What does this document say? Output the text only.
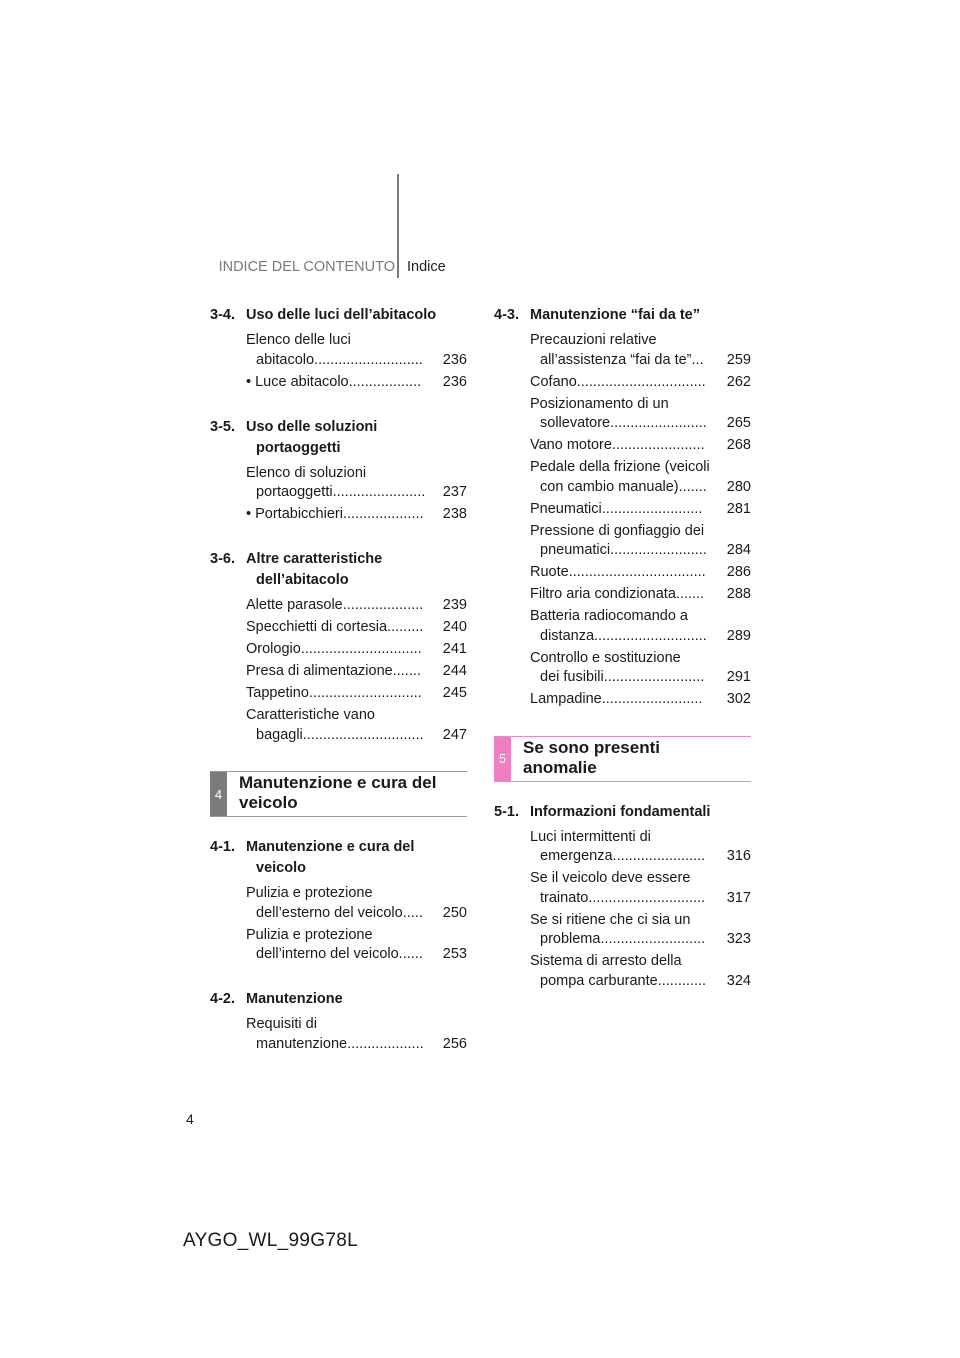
INDICE DEL CONTENUTO Indice
3-4. Uso delle luci dell’abitacolo
Elenco delle luci
abitacolo ...........................	236
• Luce abitacolo ..................	236
3-5. Uso delle soluzioni
portaoggetti
Elenco di soluzioni
portaoggetti .......................	237
• Portabicchieri ....................	238
3-6. Altre caratteristiche
dell’abitacolo
Alette parasole ....................	239
Specchietti di cortesia .........	240
Orologio ..............................	241
Presa di alimentazione .......	244
Tappetino ............................	245
Caratteristiche vano
bagagli ..............................	247
4
Manutenzione e cura del
veicolo
4-1. Manutenzione e cura del
veicolo
Pulizia e protezione
dell’esterno del veicolo .....	250
Pulizia e protezione
dell’interno del veicolo ......	253
4-2. Manutenzione
Requisiti di
manutenzione ...................	256
4-3. Manutenzione “fai da te”
Precauzioni relative
all’assistenza “fai da te” ...	259
Cofano ................................	262
Posizionamento di un
sollevatore ........................	265
Vano motore .......................	268
Pedale della frizione (veicoli
con cambio manuale) .......	280
Pneumatici .........................	281
Pressione di gonfiaggio dei
pneumatici ........................	284
Ruote ..................................	286
Filtro aria condizionata .......	288
Batteria radiocomando a
distanza ............................	289
Controllo e sostituzione
dei fusibili .........................	291
Lampadine .........................	302
5
Se sono presenti
anomalie
5-1. Informazioni fondamentali
Luci intermittenti di
emergenza .......................	316
Se il veicolo deve essere
trainato .............................	317
Se si ritiene che ci sia un
problema ..........................	323
Sistema di arresto della
pompa carburante ............	324
4
AYGO_WL_99G78L
